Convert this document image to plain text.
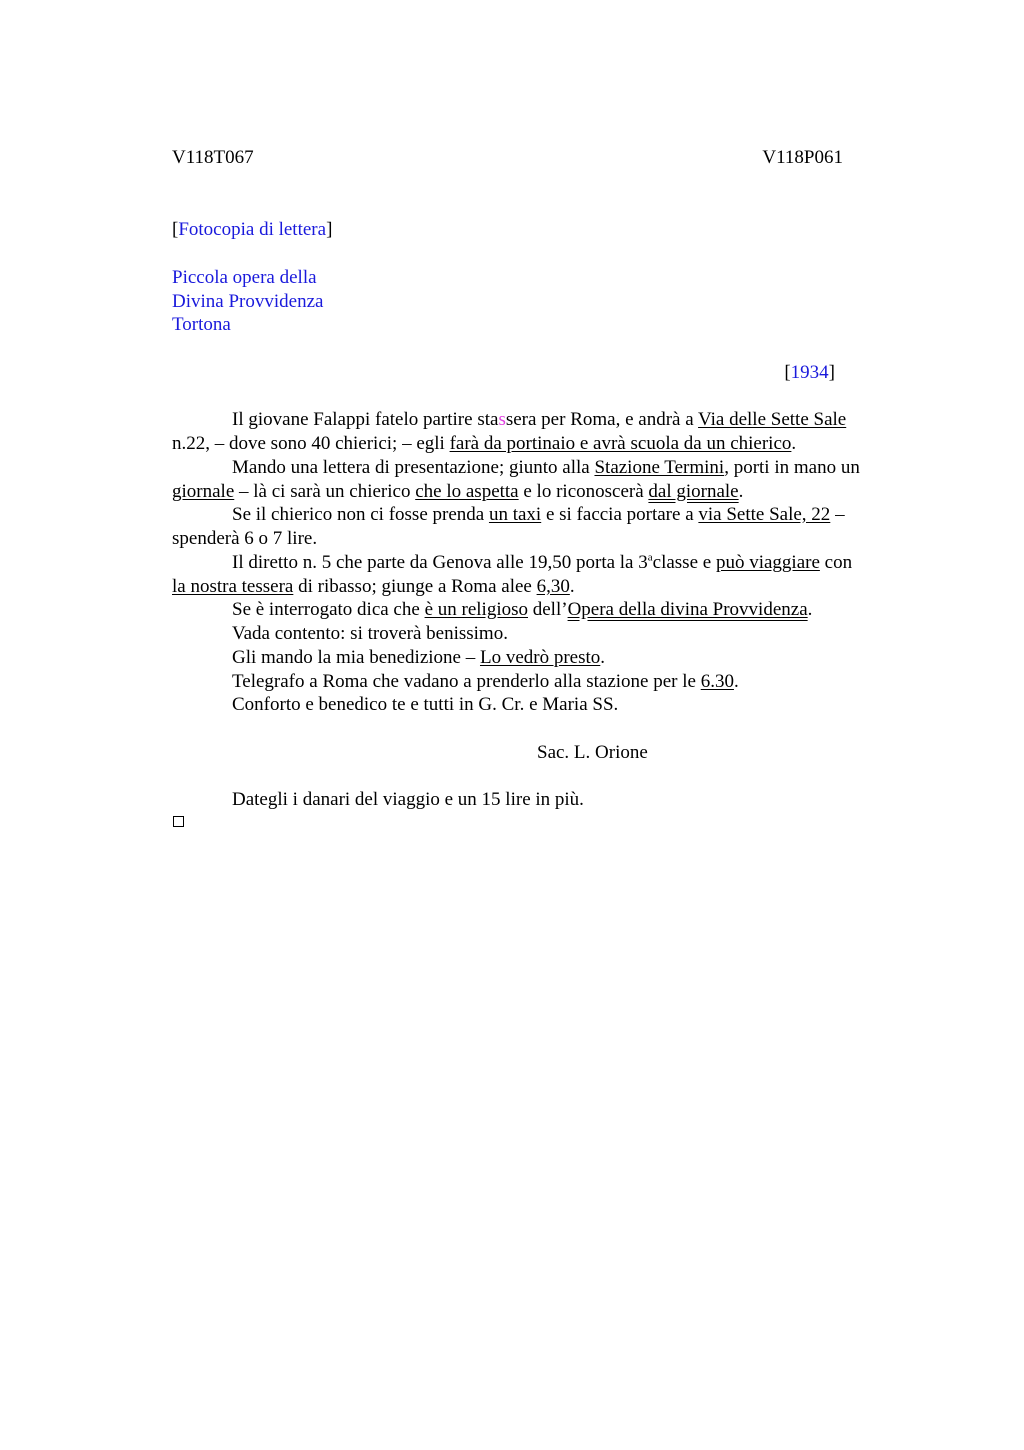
V118T067	V118P061
[Fotocopia di lettera]
Piccola opera della
Divina Provvidenza
Tortona
[1934]
Il giovane Falappi fatelo partire stassera per Roma, e andrà a Via delle Sette Sale
n.22, – dove sono 40 chierici; – egli farà da portinaio e avrà scuola da un chierico.
Mando una lettera di presentazione; giunto alla Stazione Termini, porti in mano un
giornale – là ci sarà un chierico che lo aspetta e lo riconoscerà dal giornale.
Se il chierico non ci fosse prenda un taxi e si faccia portare a via Sette Sale, 22 –
spenderà 6 o 7 lire.
Il diretto n. 5 che parte da Genova alle 19,50 porta la 3$^a$classe e può viaggiare con
la nostra tessera di ribasso; giunge a Roma alee 6,30.
Se è interrogato dica che è un religioso dell’Opera della divina Provvidenza.
Vada contento: si troverà benissimo.
Gli mando la mia benedizione – Lo vedrò presto.
Telegrafo a Roma che vadano a prenderlo alla stazione per le 6.30.
Conforto e benedico te e tutti in G. Cr. e Maria SS.
Sac. L. Orione
Dategli i danari del viaggio e un 15 lire in più.
